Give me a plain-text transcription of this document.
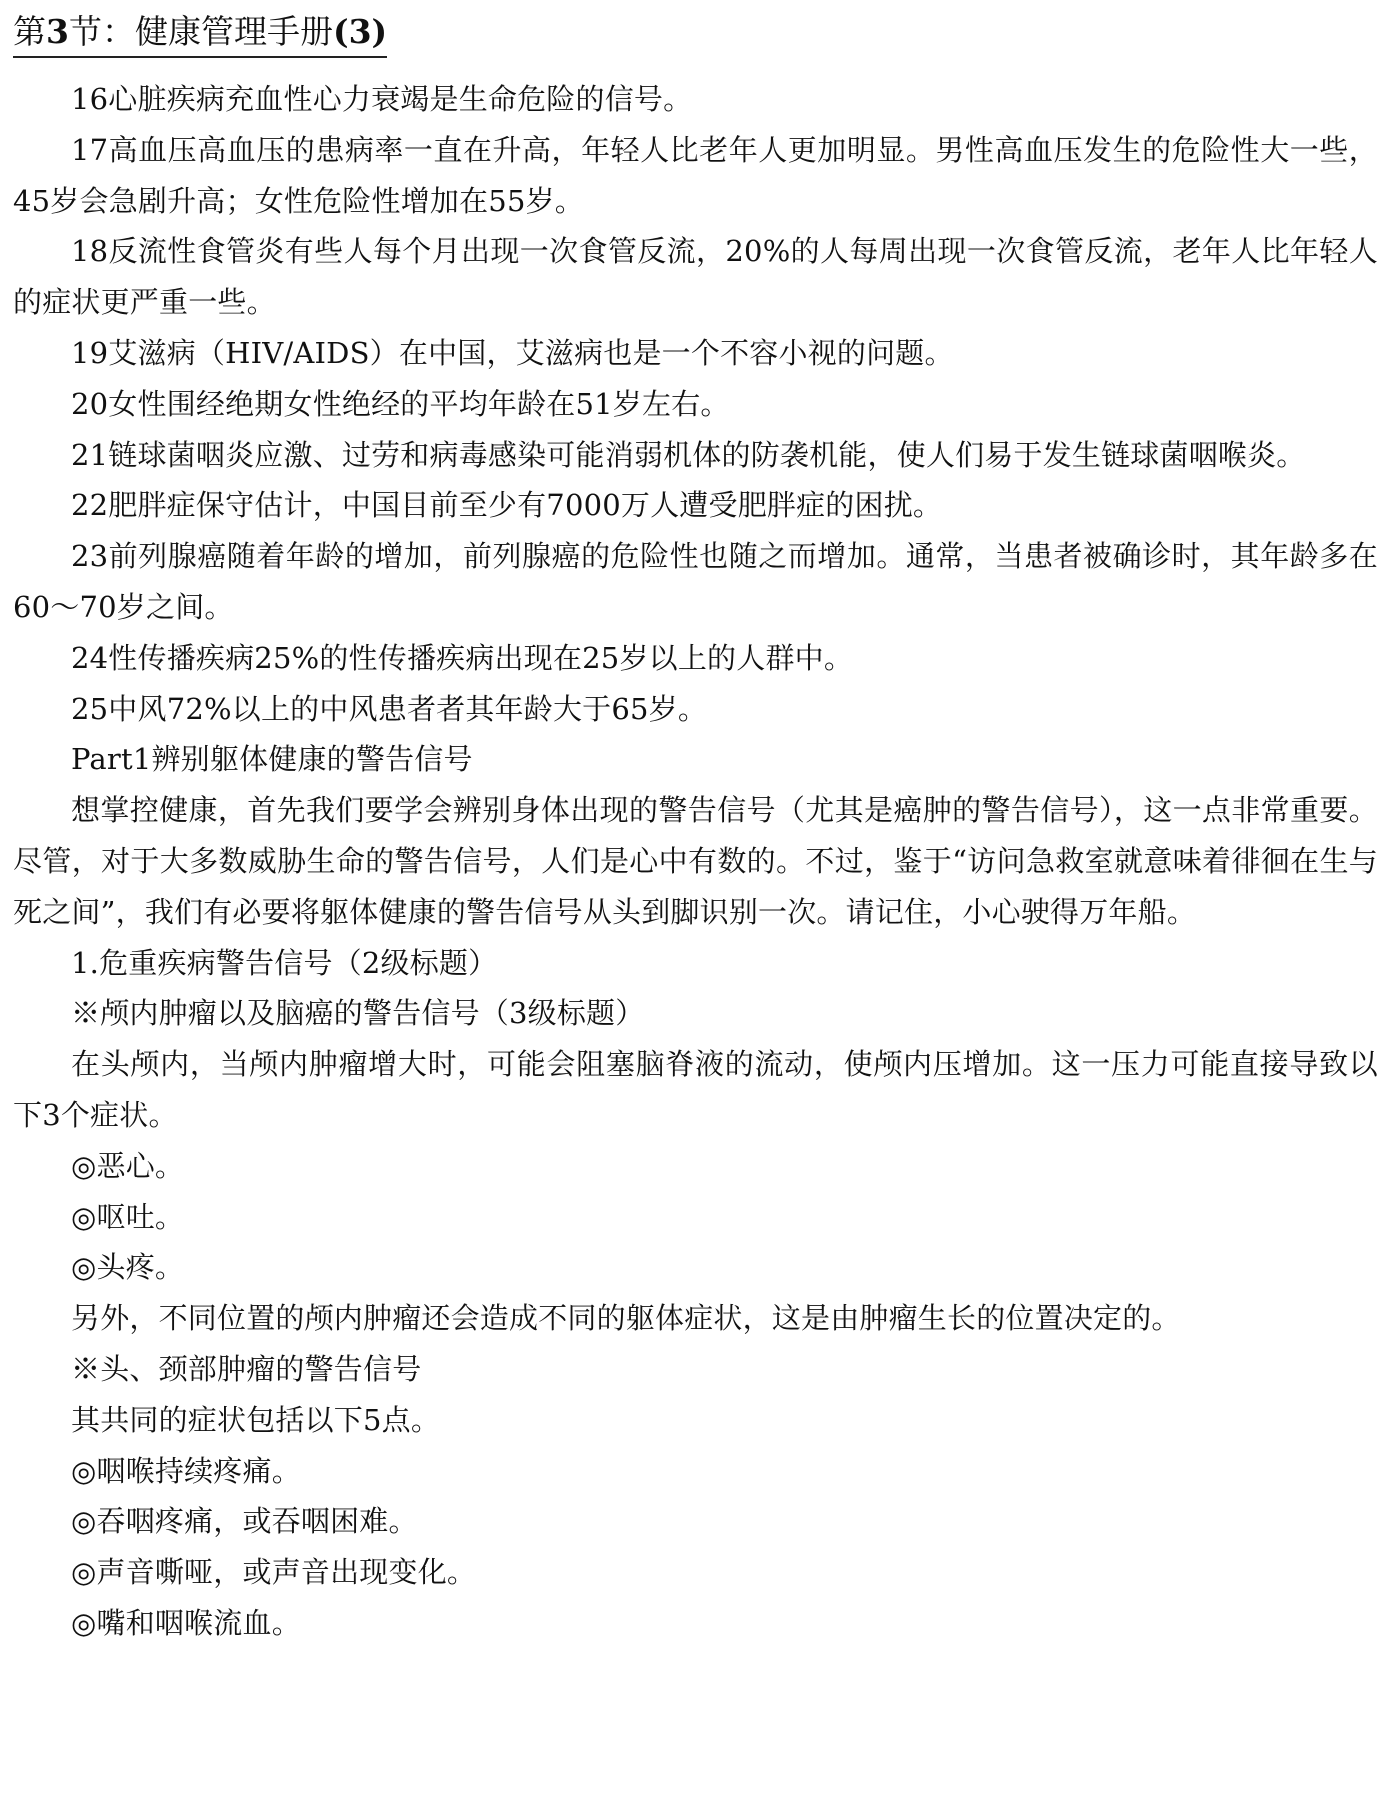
第3节：健康管理手册(3)

16心脏疾病充血性心力衰竭是生命危险的信号。

17高血压高血压的患病率一直在升高，年轻人比老年人更加明显。男性高血压发生的危险性大一些，45岁会急剧升高；女性危险性增加在55岁。

18反流性食管炎有些人每个月出现一次食管反流，20%的人每周出现一次食管反流，老年人比年轻人的症状更严重一些。

19艾滋病（HIV/AIDS）在中国，艾滋病也是一个不容小视的问题。

20女性围经绝期女性绝经的平均年龄在51岁左右。

21链球菌咽炎应激、过劳和病毒感染可能消弱机体的防袭机能，使人们易于发生链球菌咽喉炎。

22肥胖症保守估计，中国目前至少有7000万人遭受肥胖症的困扰。

23前列腺癌随着年龄的增加，前列腺癌的危险性也随之而增加。通常，当患者被确诊时，其年龄多在60～70岁之间。

24性传播疾病25%的性传播疾病出现在25岁以上的人群中。

25中风72%以上的中风患者者其年龄大于65岁。

Part1辨别躯体健康的警告信号

想掌控健康，首先我们要学会辨别身体出现的警告信号（尤其是癌肿的警告信号），这一点非常重要。尽管，对于大多数威胁生命的警告信号，人们是心中有数的。不过，鉴于“访问急救室就意味着徘徊在生与死之间”，我们有必要将躯体健康的警告信号从头到脚识别一次。请记住，小心驶得万年船。

1.危重疾病警告信号（2级标题）

※颅内肿瘤以及脑癌的警告信号（3级标题）

在头颅内，当颅内肿瘤增大时，可能会阻塞脑脊液的流动，使颅内压增加。这一压力可能直接导致以下3个症状。

◎恶心。

◎呕吐。

◎头疼。

另外，不同位置的颅内肿瘤还会造成不同的躯体症状，这是由肿瘤生长的位置决定的。

※头、颈部肿瘤的警告信号

其共同的症状包括以下5点。

◎咽喉持续疼痛。

◎吞咽疼痛，或吞咽困难。

◎声音嘶哑，或声音出现变化。

◎嘴和咽喉流血。
